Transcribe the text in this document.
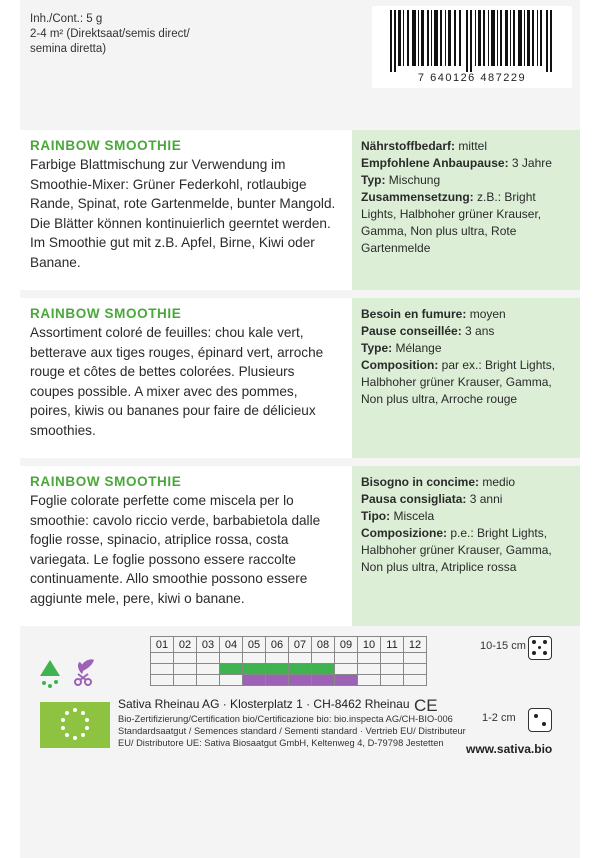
Inh./Cont.: 5 g
2-4 m² (Direktsaat/semis direct/
semina diretta)
7 640126 487229
RAINBOW SMOOTHIE
Farbige Blattmischung zur Verwendung im Smoothie-Mixer: Grüner Federkohl, rotlaubige Rande, Spinat, rote Gartenmelde, bunter Mangold. Die Blätter können kontinuierlich geerntet werden. Im Smoothie gut mit z.B. Apfel, Birne, Kiwi oder Banane.
Nährstoffbedarf: mittel
Empfohlene Anbaupause: 3 Jahre
Typ: Mischung
Zusammensetzung: z.B.: Bright Lights, Halbhoher grüner Krauser, Gamma, Non plus ultra, Rote Gartenmelde
RAINBOW SMOOTHIE
Assortiment coloré de feuilles: chou kale vert, betterave aux tiges rouges, épinard vert, arroche rouge et côtes de bettes colorées. Plusieurs coupes possible. A mixer avec des pommes, poires, kiwis ou bananes pour faire de délicieux smoothies.
Besoin en fumure: moyen
Pause conseillée: 3 ans
Type: Mélange
Composition: par ex.: Bright Lights, Halbhoher grüner Krauser, Gamma, Non plus ultra, Arroche rouge
RAINBOW SMOOTHIE
Foglie colorate perfette come miscela per lo smoothie: cavolo riccio verde, barbabietola dalle foglie rosse, spinacio, atriplice rossa, costa variegata. Le foglie possono essere raccolte continuamente. Allo smoothie possono essere aggiunte mele, pere, kiwi o banane.
Bisogno in concime: medio
Pausa consigliata: 3 anni
Tipo: Miscela
Composizione: p.e.: Bright Lights, Halbhoher grüner Krauser, Gamma, Non plus ultra, Atriplice rossa
01	02	03	04	05	06	07	08	09	10	11	12

												10-15 cm
1-2 cm
Sativa Rheinau AG · Klosterplatz 1 · CH-8462 Rheinau
Bio-Zertifizierung/Certification bio/Certificazione bio: bio.inspecta AG/CH-BIO-006
Standardsaatgut / Semences standard / Sementi standard · Vertrieb EU/ Distributeur EU/ Distributore UE: Sativa Biosaatgut GmbH, Keltenweg 4, D-79798 Jestetten
CE
www.sativa.bio
